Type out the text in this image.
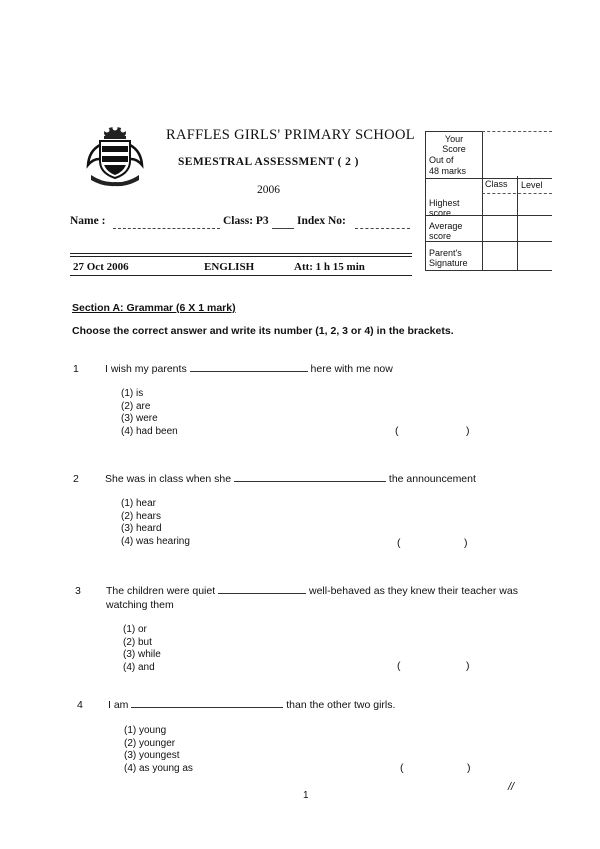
RAFFLES GIRLS' PRIMARY SCHOOL
SEMESTRAL ASSESSMENT ( 2 )
2006
Name :	Class: P3 Index No:
27 Oct 2006	ENGLISH	Att: 1 h 15 min
Your Score
Out of
48 marks
Class Level
Highest score
Average score
Parent's Signature
Section A: Grammar (6 X 1 mark)
Choose the correct answer and write its number (1, 2, 3 or 4) in the brackets.
1 I wish my parents	here with me now
(1) is
(2) are
(3) were
(4) had been	(	)
2 She was in class when she	the announcement
(1) hear
(2) hears
(3) heard
(4) was hearing	(	)
3 The children were quiet	well-behaved as they knew their teacher was
watching them
(1) or
(2) but
(3) while
(4) and	(	)
4 I am	than the other two girls.
(1) young
(2) younger
(3) youngest
(4) as young as	(	)
1
//
